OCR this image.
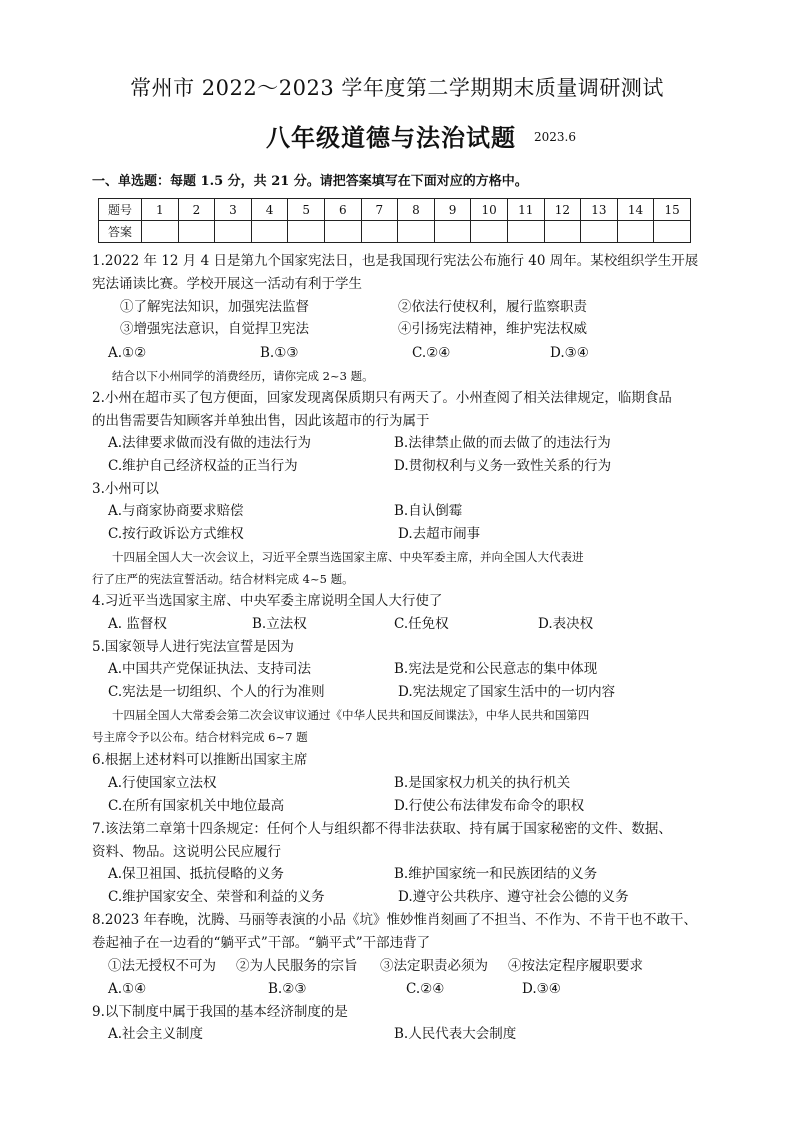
常州市 2022～2023 学年度第二学期期末质量调研测试
八年级道德与法治试题 2023.6
一、单选题：每题 1.5 分，共 21 分。请把答案填写在下面对应的方格中。
题号	1	2	3	4	5	6	7	8	9	10	11	12	13	14	15
答案															
1.2022 年 12 月 4 日是第九个国家宪法日，也是我国现行宪法公布施行 40 周年。某校组织学生开展
宪法诵读比赛。学校开展这一活动有利于学生
①了解宪法知识，加强宪法监督	②依法行使权利，履行监察职责
③增强宪法意识，自觉捍卫宪法	④引扬宪法精神，维护宪法权威
A.①②	B.①③	C.②④	D.③④
结合以下小州同学的消费经历，请你完成 2~3 题。
2.小州在超市买了包方便面，回家发现离保质期只有两天了。小州查阅了相关法律规定，临期食品
的出售需要告知顾客并单独出售，因此该超市的行为属于
A.法律要求做而没有做的违法行为	B.法律禁止做的而去做了的违法行为
C.维护自己经济权益的正当行为	D.贯彻权利与义务一致性关系的行为
3.小州可以
A.与商家协商要求赔偿	B.自认倒霉
C.按行政诉讼方式维权	D.去超市闹事
十四届全国人大一次会议上，习近平全票当选国家主席、中央军委主席，并向全国人大代表进
行了庄严的宪法宣誓活动。结合材料完成 4~5 题。
4.习近平当选国家主席、中央军委主席说明全国人大行使了
A. 监督权	B.立法权	C.任免权	D.表决权
5.国家领导人进行宪法宣誓是因为
A.中国共产党保证执法、支持司法	B.宪法是党和公民意志的集中体现
C.宪法是一切组织、个人的行为准则	D.宪法规定了国家生活中的一切内容
十四届全国人大常委会第二次会议审议通过《中华人民共和国反间谍法》，中华人民共和国第四
号主席令予以公布。结合材料完成 6~7 题
6.根据上述材料可以推断出国家主席
A.行使国家立法权	B.是国家权力机关的执行机关
C.在所有国家机关中地位最高	D.行使公布法律发布命令的职权
7.该法第二章第十四条规定：任何个人与组织都不得非法获取、持有属于国家秘密的文件、数据、
资料、物品。这说明公民应履行
A.保卫祖国、抵抗侵略的义务	B.维护国家统一和民族团结的义务
C.维护国家安全、荣誉和利益的义务	D.遵守公共秩序、遵守社会公德的义务
8.2023 年春晚，沈腾、马丽等表演的小品《坑》惟妙惟肖刻画了不担当、不作为、不肯干也不敢干、
卷起袖子在一边看的“躺平式”干部。“躺平式”干部违背了
①法无授权不可为 ②为人民服务的宗旨 ③法定职责必须为 ④按法定程序履职要求
A.①④	B.②③	C.②④	D.③④
9.以下制度中属于我国的基本经济制度的是
A.社会主义制度	B.人民代表大会制度
